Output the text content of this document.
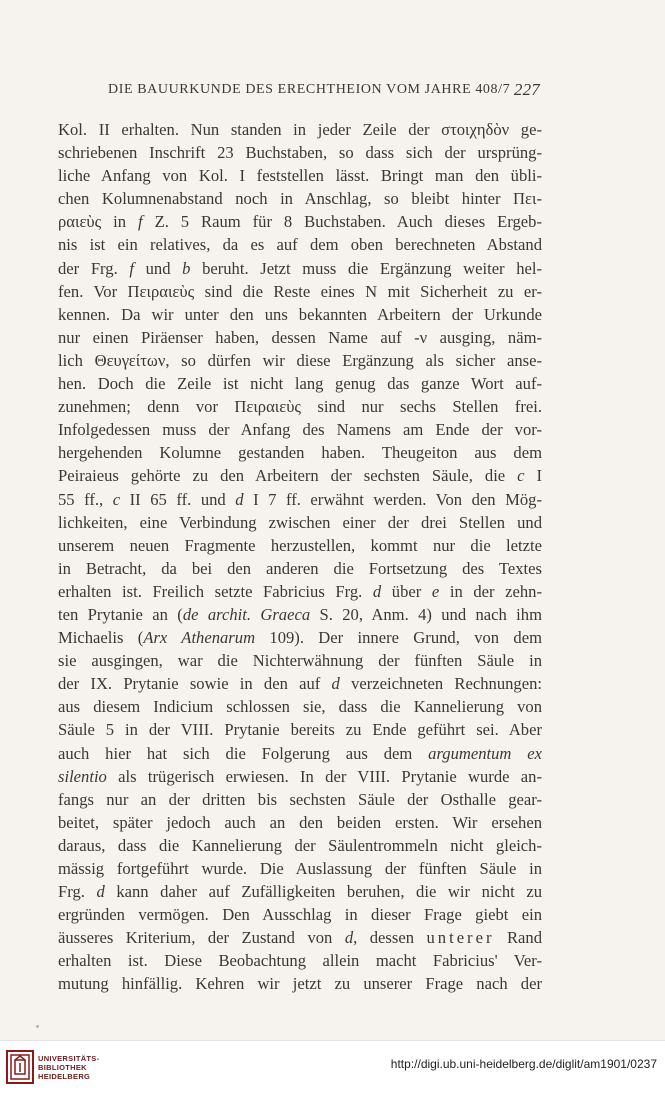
DIE BAUURKUNDE DES ERECHTHEION VOM JAHRE 408/7 227
Kol. II erhalten. Nun standen in jeder Zeile der στοιχηδὸν ge-
schriebenen Inschrift 23 Buchstaben, so dass sich der ursprüng-
liche Anfang von Kol. I feststellen lässt. Bringt man den übli-
chen Kolumnenabstand noch in Anschlag, so bleibt hinter Πει-
ραιεὺς in f Z. 5 Raum für 8 Buchstaben. Auch dieses Ergeb-
nis ist ein relatives, da es auf dem oben berechneten Abstand
der Frg. f und b beruht. Jetzt muss die Ergänzung weiter hel-
fen. Vor Πειραιεὺς sind die Reste eines N mit Sicherheit zu er-
kennen. Da wir unter den uns bekannten Arbeitern der Urkunde
nur einen Piräenser haben, dessen Name auf -ν ausging, näm-
lich Θευγείτων, so dürfen wir diese Ergänzung als sicher anse-
hen. Doch die Zeile ist nicht lang genug das ganze Wort auf-
zunehmen; denn vor Πειραιεὺς sind nur sechs Stellen frei.
Infolgedessen muss der Anfang des Namens am Ende der vor-
hergehenden Kolumne gestanden haben. Theugeiton aus dem
Peiraieus gehörte zu den Arbeitern der sechsten Säule, die c I
55 ff., c II 65 ff. und d I 7 ff. erwähnt werden. Von den Mög-
lichkeiten, eine Verbindung zwischen einer der drei Stellen und
unserem neuen Fragmente herzustellen, kommt nur die letzte
in Betracht, da bei den anderen die Fortsetzung des Textes
erhalten ist. Freilich setzte Fabricius Frg. d über e in der zehn-
ten Prytanie an (de archit. Graeca S. 20, Anm. 4) und nach ihm
Michaelis (Arx Athenarum 109). Der innere Grund, von dem
sie ausgingen, war die Nichterwähnung der fünften Säule in
der IX. Prytanie sowie in den auf d verzeichneten Rechnungen:
aus diesem Indicium schlossen sie, dass die Kannelierung von
Säule 5 in der VIII. Prytanie bereits zu Ende geführt sei. Aber
auch hier hat sich die Folgerung aus dem argumentum ex
silentio als trügerisch erwiesen. In der VIII. Prytanie wurde an-
fangs nur an der dritten bis sechsten Säule der Osthalle gear-
beitet, später jedoch auch an den beiden ersten. Wir ersehen
daraus, dass die Kannelierung der Säulentrommeln nicht gleich-
mässig fortgeführt wurde. Die Auslassung der fünften Säule in
Frg. d kann daher auf Zufälligkeiten beruhen, die wir nicht zu
ergründen vermögen. Den Ausschlag in dieser Frage giebt ein
äusseres Kriterium, der Zustand von d, dessen unterer Rand
erhalten ist. Diese Beobachtung allein macht Fabricius' Ver-
mutung hinfällig. Kehren wir jetzt zu unserer Frage nach der
UNIVERSITÄTS-
BIBLIOTHEK
HEIDELBERG
http://digi.ub.uni-heidelberg.de/diglit/am1901/0237
